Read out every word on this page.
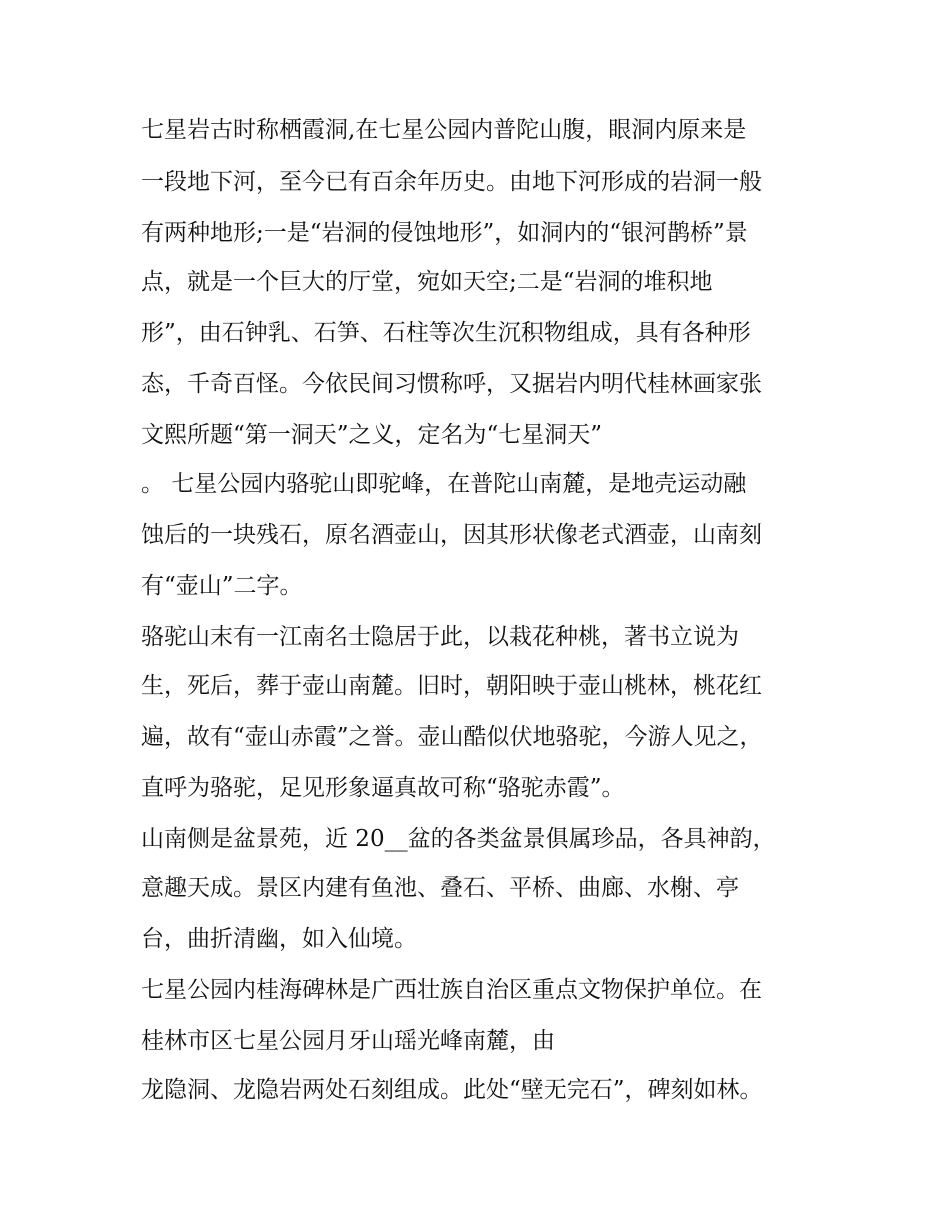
七星岩古时称栖霞洞,在七星公园内普陀山腹，眼洞内原来是

一段地下河，至今已有百余年历史。由地下河形成的岩洞一般

有两种地形;一是“岩洞的侵蚀地形”，如洞内的“银河鹊桥”景

点，就是一个巨大的厅堂，宛如天空;二是“岩洞的堆积地

形”，由石钟乳、石笋、石柱等次生沉积物组成，具有各种形

态，千奇百怪。今依民间习惯称呼，又据岩内明代桂林画家张

文熙所题“第一洞天”之义，定名为“七星洞天”

。 七星公园内骆驼山即驼峰，在普陀山南麓，是地壳运动融

蚀后的一块残石，原名酒壶山，因其形状像老式酒壶，山南刻

有“壶山”二字。

骆驼山末有一江南名士隐居于此，以栽花种桃，著书立说为

生，死后，葬于壶山南麓。旧时，朝阳映于壶山桃林，桃花红

遍，故有“壶山赤霞”之誉。壶山酷似伏地骆驼，今游人见之，

直呼为骆驼，足见形象逼真故可称“骆驼赤霞”。

山南侧是盆景苑，近 20__盆的各类盆景俱属珍品，各具神韵，

意趣天成。景区内建有鱼池、叠石、平桥、曲廊、水榭、亭

台，曲折清幽，如入仙境。

七星公园内桂海碑林是广西壮族自治区重点文物保护单位。在

桂林市区七星公园月牙山瑶光峰南麓，由

龙隐洞、龙隐岩两处石刻组成。此处“壁无完石”，碑刻如林。
